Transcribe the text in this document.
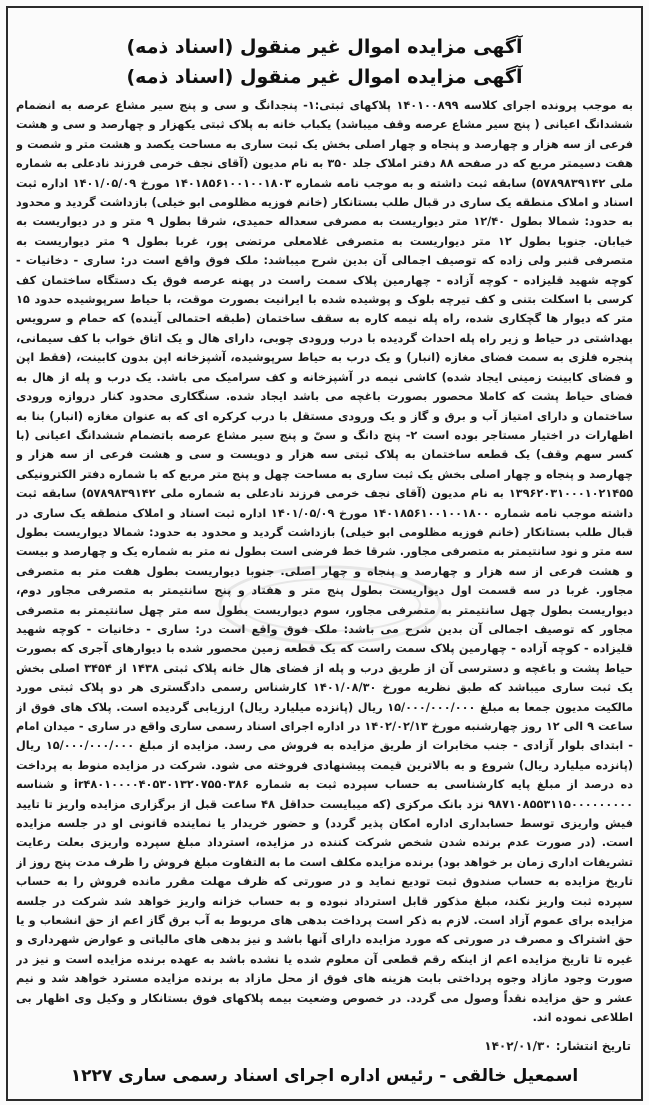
آگهی مزایده اموال غیر منقول (اسناد ذمه)
آگهی مزایده اموال غیر منقول (اسناد ذمه)
به موجب پرونده اجرای کلاسه ۱۴۰۱۰۰۸۹۹ پلاکهای ثبتی:۱- پنجدانگ و سی و پنج سیر مشاع عرصه به انضمام ششدانگ اعیانی ( پنج سیر مشاع عرصه وقف میباشد) یکباب خانه به پلاک ثبتی یکهزار و چهارصد و سی و هشت فرعی از سه هزار و چهارصد و پنجاه و چهار اصلی بخش یک ثبت ساری به مساحت یکصد و هشت متر و شصت و هفت دسیمتر مربع که در صفحه ۸۸ دفتر املاک جلد ۳۵۰ به نام مدیون (آقای نجف خرمی فرزند نادعلی به شماره ملی ۵۷۸۹۸۳۹۱۴۲) سابقه ثبت داشته و به موجب نامه شماره ۱۴۰۱۸۵۶۱۰۰۱۰۰۱۸۰۳ مورخ ۱۴۰۱/۰۵/۰۹ اداره ثبت اسناد و املاک منطقه یک ساری در قبال طلب بستانکار (خانم فوزیه مظلومی ابو خیلی) بازداشت گردید و محدود به حدود: شمالا بطول ۱۲/۴۰ متر دیواریست به مصرفی سعداله حمیدی، شرقا بطول ۹ متر و در دیواریست به خیابان. جنوبا بطول ۱۲ متر دیواریست به متصرفی غلامعلی مرتضی پور، غربا بطول ۹ متر دیواریست به متصرفی قنبر ولی زاده که توصیف اجمالی آن بدین شرح میباشد: ملک فوق واقع است در: ساری - دخانیات - کوچه شهید قلیزاده - کوچه آزاده - چهارمین پلاک سمت راست در پهنه عرصه فوق یک دستگاه ساختمان کف کرسی با اسکلت بتنی و کف تیرچه بلوک و پوشیده شده با ایرانیت بصورت موقت، با حیاط سرپوشیده حدود ۱۵ متر که دیوار ها گچکاری شده، راه پله نیمه کاره به سقف ساختمان (طبقه احتمالی آینده) که حمام و سرویس بهداشتی در حیاط و زیر راه پله احداث گردیده با درب ورودی چوبی، دارای هال و یک اتاق خواب با کف سیمانی، پنجره فلزی به سمت فضای مغازه (انبار) و یک درب به حیاط سرپوشیده، آشپزخانه اپن بدون کابینت، (فقط اپن و فضای کابینت زمینی ایجاد شده) کاشی نیمه در آشپزخانه و کف سرامیک می باشد. یک درب و پله از هال به فضای حیاط پشت که کاملا محصور بصورت باغچه می باشد ایجاد شده. سنگکاری محدود کنار دروازه ورودی ساختمان و دارای امتیاز آب و برق و گاز و یک ورودی مستقل با درب کرکره ای که به عنوان مغازه (انبار) بنا به اظهارات در اختیار مستاجر بوده است ۲- پنج دانگ و سیّ و پنج سیر مشاع عرصه باتضمام ششدانگ اعیانی (با کسر سهم وقف) یک قطعه ساختمان به پلاک ثبتی سه هزار و دویست و سی و هشت فرعی از سه هزار و چهارصد و پنجاه و چهار اصلی بخش یک ثبت ساری به مساحت چهل و پنج متر مربع که با شماره دفتر الکترونیکی ۱۳۹۶۲۰۳۱۰۰۰۱۰۲۱۴۵۵ به نام مدیون (آقای نجف خرمی فرزند نادعلی به شماره ملی ۵۷۸۹۸۳۹۱۴۲) سابقه ثبت داشته موجب نامه شماره ۱۴۰۱۸۵۶۱۰۰۱۰۰۱۸۰۰ مورخ ۱۴۰۱/۰۵/۰۹ اداره ثبت اسناد و املاک منطقه یک ساری در قبال طلب بستانکار (خانم فوزیه مظلومی ابو خیلی) بازداشت گردید و محدود به حدود: شمالا دیواریست بطول سه متر و نود سانتیمتر به متصرفی مجاور. شرقا خط فرضی است بطول نه متر به شماره یک و چهارصد و بیست و هشت فرعی از سه هزار و چهارصد و پنجاه و چهار اصلی. جنوبا دیواریست بطول هفت متر به متصرفی مجاور. غربا در سه قسمت اول دیواریست بطول پنج متر و هفتاد و پنج سانتیمتر به متصرفی مجاور دوم، دیواریست بطول چهل سانتیمتر به متصرفی مجاور، سوم دیواریست بطول سه متر چهل سانتیمتر به متصرفی مجاور که توصیف اجمالی آن بدین شرح می باشد: ملک فوق واقع است در: ساری - دخانیات - کوچه شهید قلیزاده - کوچه آزاده - چهارمین پلاک سمت راست که یک قطعه زمین محصور شده با دیوارهای آجری که بصورت حیاط پشت و باغچه و دسترسی آن از طریق درب و پله از فضای هال خانه پلاک ثبتی ۱۴۳۸ از ۳۴۵۴ اصلی بخش یک ثبت ساری میباشد که طبق نظریه مورخ ۱۴۰۱/۰۸/۳۰ کارشناس رسمی دادگستری هر دو پلاک ثبتی مورد مالکیت مدیون جمعا به مبلغ ۱۵/۰۰۰/۰۰۰/۰۰۰ ریال (پانزده میلیارد ریال) ارزیابی گردیده است. پلاک های فوق از ساعت ۹ الی ۱۲ روز چهارشنبه مورخ ۱۴۰۲/۰۲/۱۳ در اداره اجرای اسناد رسمی ساری واقع در ساری - میدان امام - ابتدای بلوار آزادی - جنب مخابرات از طریق مزایده به فروش می رسد. مزایده از مبلغ ۱۵/۰۰۰/۰۰۰/۰۰۰ ریال (پانزده میلیارد ریال) شروع و به بالاترین قیمت پیشنهادی فروخته می شود. شرکت در مزایده منوط به پرداخت ده درصد از مبلغ پایه کارشناسی به حساب سپرده ثبت به شماره ir۴۸۰۱۰۰۰۰۴۰۵۳۰۱۳۲۰۷۵۵۰۳۸۶ و شناسه ۹۸۷۱۰۸۵۵۳۱۱۵۰۰۰۰۰۰۰۰۰ نزد بانک مرکزی (که میبایست حداقل ۴۸ ساعت قبل از برگزاری مزایده واریز تا تایید فیش واریزی توسط حسابداری اداره امکان پذیر گردد) و حضور خریدار یا نماینده قانونی او در جلسه مزایده است. (در صورت عدم برنده شدن شخص شرکت کننده در مزایده، استرداد مبلغ سپرده واریزی بعلت رعایت تشریفات اداری زمان بر خواهد بود) برنده مزایده مکلف است ما به التفاوت مبلغ فروش را ظرف مدت پنج روز از تاریخ مزایده به حساب صندوق ثبت تودیع نماید و در صورتی که ظرف مهلت مقرر مانده فروش را به حساب سپرده ثبت واریز نکند، مبلغ مذکور قابل استرداد نبوده و به حساب خزانه واریز خواهد شد شرکت در جلسه مزایده برای عموم آزاد است. لازم به ذکر است پرداخت بدهی های مربوط به آب برق گاز اعم از حق انشعاب و یا حق اشتراک و مصرف در صورتی که مورد مزایده دارای آنها باشد و نیز بدهی های مالیاتی و عوارض شهرداری و غیره تا تاریخ مزایده اعم از اینکه رقم قطعی آن معلوم شده یا نشده باشد به عهده برنده مزایده است و نیز در صورت وجود مازاد وجوه پرداختی بابت هزینه های فوق از محل مازاد به برنده مزایده مسترد خواهد شد و نیم عشر و حق مزایده نقداً وصول می گردد. در خصوص وضعیت بیمه پلاکهای فوق بستانکار و وکیل وی اظهار بی اطلاعی نموده اند.
تاریخ انتشار: ۱۴۰۲/۰۱/۳۰
اسمعیل خالقی - رئیس اداره اجرای اسناد رسمی ساری ۱۲۲۷
